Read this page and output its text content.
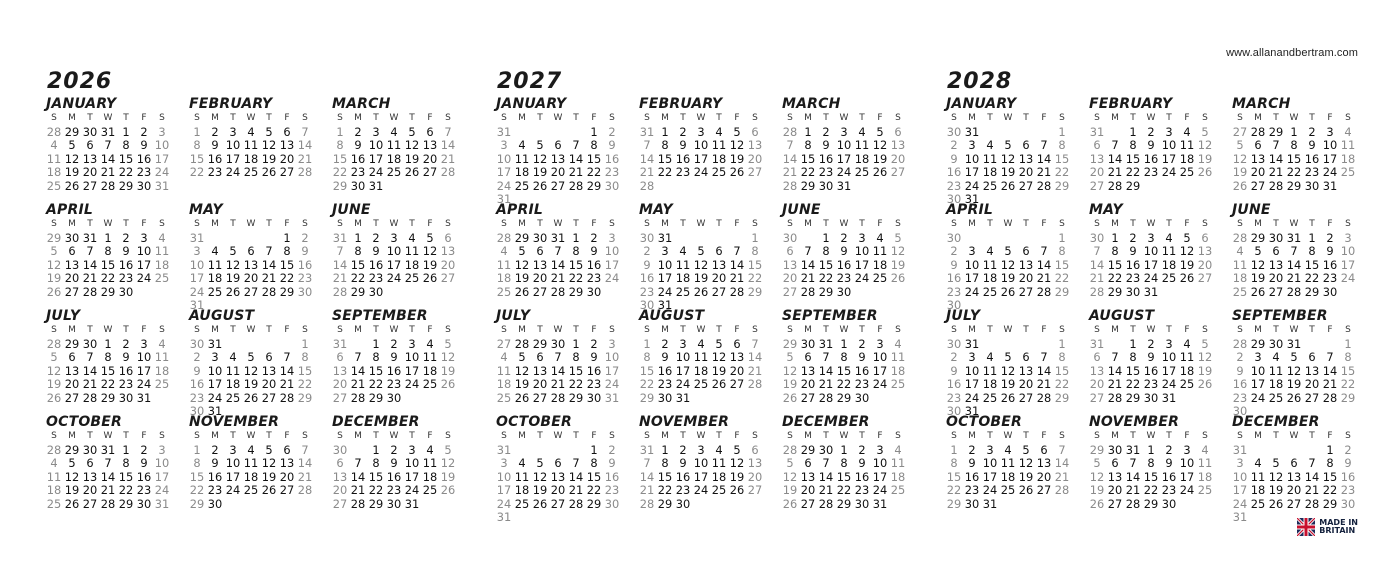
www.allanandbertram.com
2026
JANUARY
S	M	T	W	T	F	S
28 29 30 31 1 2 3
4 5 6 7 8 9 10
11 12 13 14 15 16 17
18 19 20 21 22 23 24
25 26 27 28 29 30 31
FEBRUARY
S	M	T	W	T	F	S
1 2 3 4 5 6 7
8 9 10 11 12 13 14
15 16 17 18 19 20 21
22 23 24 25 26 27 28
MARCH
S	M	T	W	T	F	S
1 2 3 4 5 6 7
8 9 10 11 12 13 14
15 16 17 18 19 20 21
22 23 24 25 26 27 28
29 30 31
APRIL
S	M	T	W	T	F	S
29 30 31 1 2 3 4
5 6 7 8 9 10 11
12 13 14 15 16 17 18
19 20 21 22 23 24 25
26 27 28 29 30
MAY
S	M	T	W	T	F	S
31	1 2
3 4 5 6 7 8 9
10 11 12 13 14 15 16
17 18 19 20 21 22 23
24 25 26 27 28 29 30
31
JUNE
S	M	T	W	T	F	S
31 1 2 3 4 5 6
7 8 9 10 11 12 13
14 15 16 17 18 19 20
21 22 23 24 25 26 27
28 29 30
JULY
S	M	T	W	T	F	S
28 29 30 1 2 3 4
5 6 7 8 9 10 11
12 13 14 15 16 17 18
19 20 21 22 23 24 25
26 27 28 29 30 31
AUGUST
S	M	T	W	T	F	S
30 31	1
2 3 4 5 6 7 8
9 10 11 12 13 14 15
16 17 18 19 20 21 22
23 24 25 26 27 28 29
30 31
SEPTEMBER
S	M	T	W	T	F	S
31	1 2 3 4 5
6 7 8 9 10 11 12
13 14 15 16 17 18 19
20 21 22 23 24 25 26
27 28 29 30
OCTOBER
S	M	T	W	T	F	S
28 29 30 31 1 2 3
4 5 6 7 8 9 10
11 12 13 14 15 16 17
18 19 20 21 22 23 24
25 26 27 28 29 30 31
NOVEMBER
S	M	T	W	T	F	S
1 2 3 4 5 6 7
8 9 10 11 12 13 14
15 16 17 18 19 20 21
22 23 24 25 26 27 28
29 30
DECEMBER
S	M	T	W	T	F	S
30	1 2 3 4 5
6 7 8 9 10 11 12
13 14 15 16 17 18 19
20 21 22 23 24 25 26
27 28 29 30 31
2027
JANUARY
S	M	T	W	T	F	S
31	1 2
3 4 5 6 7 8 9
10 11 12 13 14 15 16
17 18 19 20 21 22 23
24 25 26 27 28 29 30
31
FEBRUARY
S	M	T	W	T	F	S
31 1 2 3 4 5 6
7 8 9 10 11 12 13
14 15 16 17 18 19 20
21 22 23 24 25 26 27
28
MARCH
S	M	T	W	T	F	S
28 1 2 3 4 5 6
7 8 9 10 11 12 13
14 15 16 17 18 19 20
21 22 23 24 25 26 27
28 29 30 31
APRIL
S	M	T	W	T	F	S
28 29 30 31 1 2 3
4 5 6 7 8 9 10
11 12 13 14 15 16 17
18 19 20 21 22 23 24
25 26 27 28 29 30
MAY
S	M	T	W	T	F	S
30 31	1
2 3 4 5 6 7 8
9 10 11 12 13 14 15
16 17 18 19 20 21 22
23 24 25 26 27 28 29
30 31
JUNE
S	M	T	W	T	F	S
30	1 2 3 4 5
6 7 8 9 10 11 12
13 14 15 16 17 18 19
20 21 22 23 24 25 26
27 28 29 30
JULY
S	M	T	W	T	F	S
27 28 29 30 1 2 3
4 5 6 7 8 9 10
11 12 13 14 15 16 17
18 19 20 21 22 23 24
25 26 27 28 29 30 31
AUGUST
S	M	T	W	T	F	S
1 2 3 4 5 6 7
8 9 10 11 12 13 14
15 16 17 18 19 20 21
22 23 24 25 26 27 28
29 30 31
SEPTEMBER
S	M	T	W	T	F	S
29 30 31 1 2 3 4
5 6 7 8 9 10 11
12 13 14 15 16 17 18
19 20 21 22 23 24 25
26 27 28 29 30
OCTOBER
S	M	T	W	T	F	S
31	1 2
3 4 5 6 7 8 9
10 11 12 13 14 15 16
17 18 19 20 21 22 23
24 25 26 27 28 29 30
31
NOVEMBER
S	M	T	W	T	F	S
31 1 2 3 4 5 6
7 8 9 10 11 12 13
14 15 16 17 18 19 20
21 22 23 24 25 26 27
28 29 30
DECEMBER
S	M	T	W	T	F	S
28 29 30 1 2 3 4
5 6 7 8 9 10 11
12 13 14 15 16 17 18
19 20 21 22 23 24 25
26 27 28 29 30 31
2028
JANUARY
S	M	T	W	T	F	S
30 31	1
2 3 4 5 6 7 8
9 10 11 12 13 14 15
16 17 18 19 20 21 22
23 24 25 26 27 28 29
30 31
FEBRUARY
S	M	T	W	T	F	S
31	1 2 3 4 5
6 7 8 9 10 11 12
13 14 15 16 17 18 19
20 21 22 23 24 25 26
27 28 29
MARCH
S	M	T	W	T	F	S
27 28 29 1 2 3 4
5 6 7 8 9 10 11
12 13 14 15 16 17 18
19 20 21 22 23 24 25
26 27 28 29 30 31
APRIL
S	M	T	W	T	F	S
30	1
2 3 4 5 6 7 8
9 10 11 12 13 14 15
16 17 18 19 20 21 22
23 24 25 26 27 28 29
30
MAY
S	M	T	W	T	F	S
30 1 2 3 4 5 6
7 8 9 10 11 12 13
14 15 16 17 18 19 20
21 22 23 24 25 26 27
28 29 30 31
JUNE
S	M	T	W	T	F	S
28 29 30 31 1 2 3
4 5 6 7 8 9 10
11 12 13 14 15 16 17
18 19 20 21 22 23 24
25 26 27 28 29 30
JULY
S	M	T	W	T	F	S
30 31	1
2 3 4 5 6 7 8
9 10 11 12 13 14 15
16 17 18 19 20 21 22
23 24 25 26 27 28 29
30 31
AUGUST
S	M	T	W	T	F	S
31	1 2 3 4 5
6 7 8 9 10 11 12
13 14 15 16 17 18 19
20 21 22 23 24 25 26
27 28 29 30 31
SEPTEMBER
S	M	T	W	T	F	S
28 29 30 31	1
2 3 4 5 6 7 8
9 10 11 12 13 14 15
16 17 18 19 20 21 22
23 24 25 26 27 28 29
30
OCTOBER
S	M	T	W	T	F	S
1 2 3 4 5 6 7
8 9 10 11 12 13 14
15 16 17 18 19 20 21
22 23 24 25 26 27 28
29 30 31
NOVEMBER
S	M	T	W	T	F	S
29 30 31 1 2 3 4
5 6 7 8 9 10 11
12 13 14 15 16 17 18
19 20 21 22 23 24 25
26 27 28 29 30
DECEMBER
S	M	T	W	T	F	S
31	1 2
3 4 5 6 7 8 9
10 11 12 13 14 15 16
17 18 19 20 21 22 23
24 25 26 27 28 29 30
31	MADE IN
BRITAIN
